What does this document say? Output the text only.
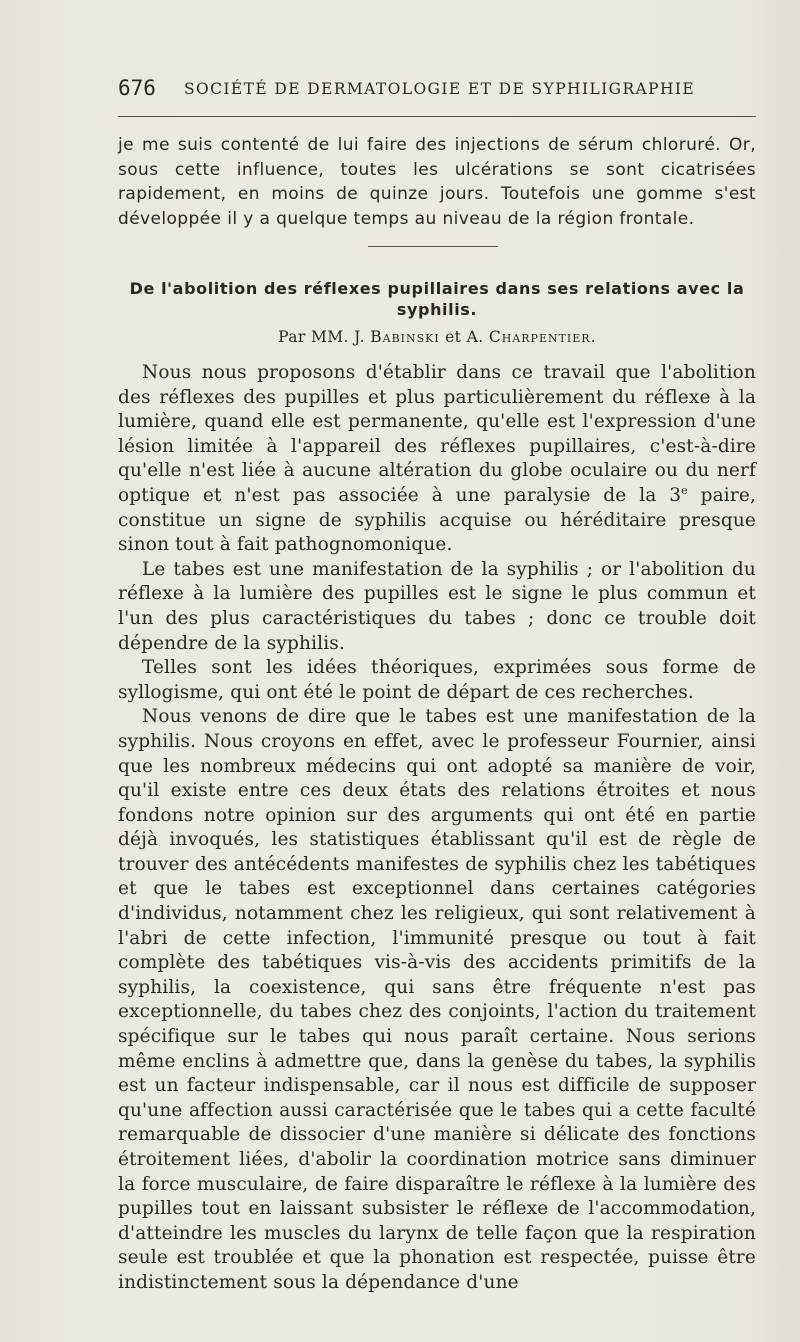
676 SOCIÉTÉ DE DERMATOLOGIE ET DE SYPHILIGRAPHIE

je me suis contenté de lui faire des injections de sérum chloruré. Or, sous cette influence, toutes les ulcérations se sont cicatrisées rapidement, en moins de quinze jours. Toutefois une gomme s'est développée il y a quelque temps au niveau de la région frontale.

De l'abolition des réflexes pupillaires dans ses relations avec la syphilis.
Par MM. J. Babinski et A. Charpentier.

Nous nous proposons d'établir dans ce travail que l'abolition des réflexes des pupilles et plus particulièrement du réflexe à la lumière, quand elle est permanente, qu'elle est l'expression d'une lésion limitée à l'appareil des réflexes pupillaires, c'est-à-dire qu'elle n'est liée à aucune altération du globe oculaire ou du nerf optique et n'est pas associée à une paralysie de la 3e paire, constitue un signe de syphilis acquise ou héréditaire presque sinon tout à fait pathognomonique.

Le tabes est une manifestation de la syphilis ; or l'abolition du réflexe à la lumière des pupilles est le signe le plus commun et l'un des plus caractéristiques du tabes ; donc ce trouble doit dépendre de la syphilis.

Telles sont les idées théoriques, exprimées sous forme de syllogisme, qui ont été le point de départ de ces recherches.

Nous venons de dire que le tabes est une manifestation de la syphilis. Nous croyons en effet, avec le professeur Fournier, ainsi que les nombreux médecins qui ont adopté sa manière de voir, qu'il existe entre ces deux états des relations étroites et nous fondons notre opinion sur des arguments qui ont été en partie déjà invoqués, les statistiques établissant qu'il est de règle de trouver des antécédents manifestes de syphilis chez les tabétiques et que le tabes est exceptionnel dans certaines catégories d'individus, notamment chez les religieux, qui sont relativement à l'abri de cette infection, l'immunité presque ou tout à fait complète des tabétiques vis-à-vis des accidents primitifs de la syphilis, la coexistence, qui sans être fréquente n'est pas exceptionnelle, du tabes chez des conjoints, l'action du traitement spécifique sur le tabes qui nous paraît certaine. Nous serions même enclins à admettre que, dans la genèse du tabes, la syphilis est un facteur indispensable, car il nous est difficile de supposer qu'une affection aussi caractérisée que le tabes qui a cette faculté remarquable de dissocier d'une manière si délicate des fonctions étroitement liées, d'abolir la coordination motrice sans diminuer la force musculaire, de faire disparaître le réflexe à la lumière des pupilles tout en laissant subsister le réflexe de l'accommodation, d'atteindre les muscles du larynx de telle façon que la respiration seule est troublée et que la phonation est respectée, puisse être indistinctement sous la dépendance d'une
